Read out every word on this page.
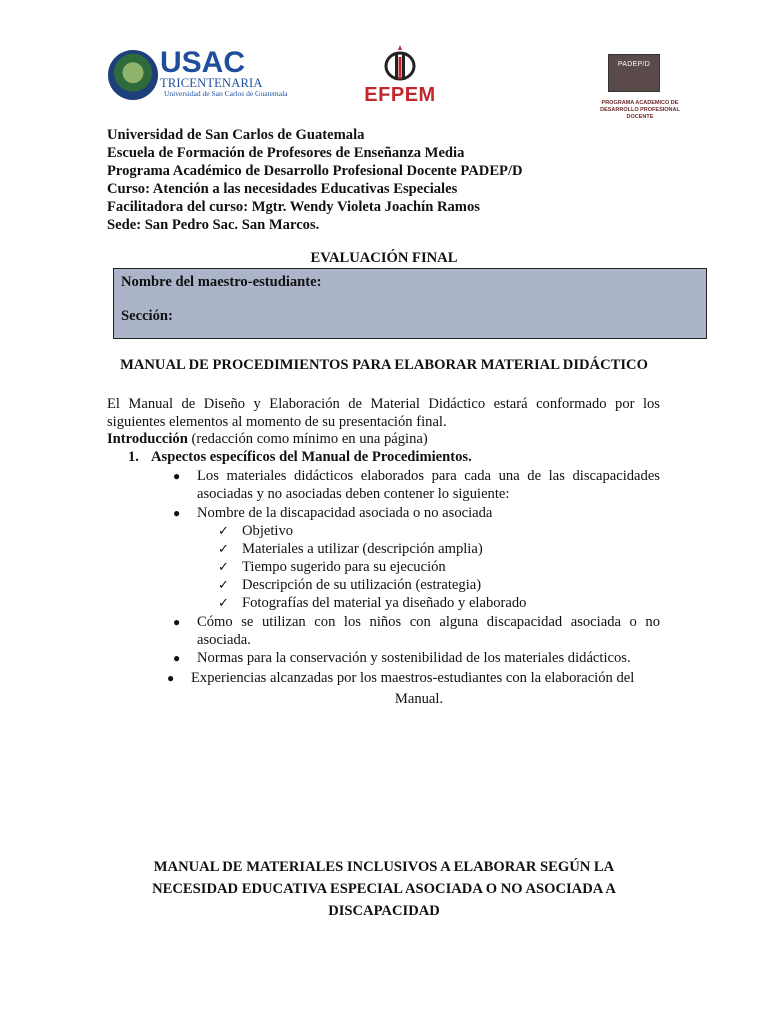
USAC
TRICENTENARIA
Universidad de San Carlos de Guatemala	EFPEM
PADEP/D
PROGRAMA ACADEMICO DE DESARROLLO PROFESIONAL DOCENTE
Universidad de San Carlos de Guatemala
Escuela de Formación de Profesores de Enseñanza Media
Programa Académico de Desarrollo Profesional Docente PADEP/D
Curso: Atención a las necesidades Educativas Especiales
Facilitadora del curso: Mgtr. Wendy Violeta Joachín Ramos
Sede: San Pedro Sac. San Marcos.
EVALUACIÓN FINAL
Nombre del maestro-estudiante:
Sección:
MANUAL DE PROCEDIMIENTOS PARA ELABORAR MATERIAL DIDÁCTICO
El Manual de Diseño y Elaboración de Material Didáctico estará conformado por los siguientes elementos al momento de su presentación final.
Introducción (redacción como mínimo en una página)
1. Aspectos específicos del Manual de Procedimientos.
● Los materiales didácticos elaborados para cada una de las discapacidades asociadas y no asociadas deben contener lo siguiente:
● Nombre de la discapacidad asociada o no asociada
✓ Objetivo
✓ Materiales a utilizar (descripción amplia)
✓ Tiempo sugerido para su ejecución
✓ Descripción de su utilización (estrategia)
✓ Fotografías del material ya diseñado y elaborado
● Cómo se utilizan con los niños con alguna discapacidad asociada o no asociada.
● Normas para la conservación y sostenibilidad de los materiales didácticos.
● Experiencias alcanzadas por los maestros-estudiantes con la elaboración del
Manual.
MANUAL DE MATERIALES INCLUSIVOS A ELABORAR SEGÚN LA
NECESIDAD EDUCATIVA ESPECIAL ASOCIADA O NO ASOCIADA A
DISCAPACIDAD
